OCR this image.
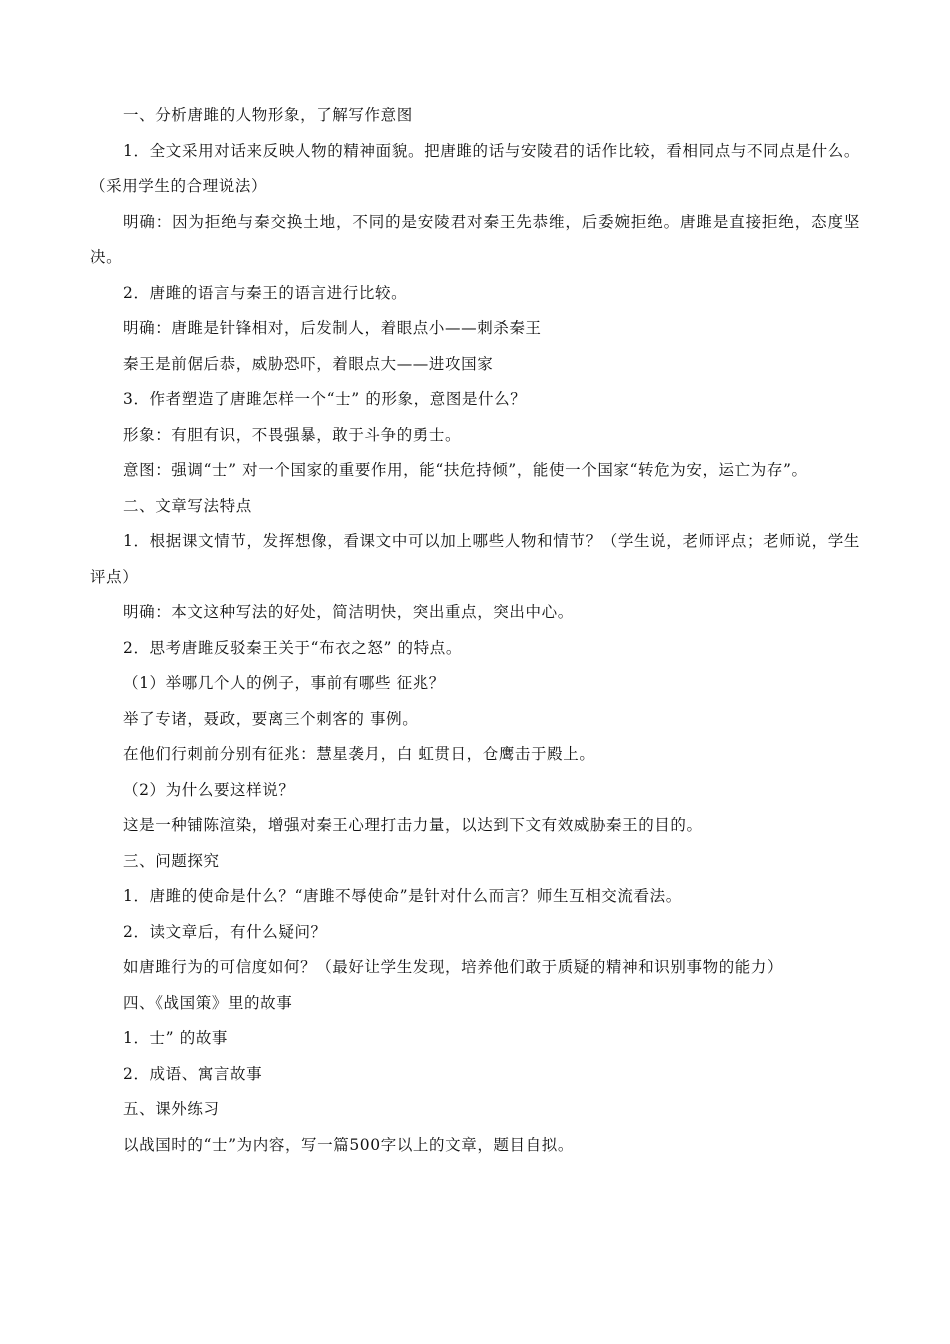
一、分析唐雎的人物形象，了解写作意图

1．全文采用对话来反映人物的精神面貌。把唐雎的话与安陵君的话作比较，看相同点与不同点是什么。（采用学生的合理说法）

明确：因为拒绝与秦交换土地，不同的是安陵君对秦王先恭维，后委婉拒绝。唐雎是直接拒绝，态度坚决。

2．唐雎的语言与秦王的语言进行比较。

明确：唐雎是针锋相对，后发制人，着眼点小——刺杀秦王

秦王是前倨后恭，威胁恐吓，着眼点大——进攻国家

3．作者塑造了唐雎怎样一个“士” 的形象，意图是什么？

形象：有胆有识，不畏强暴，敢于斗争的勇士。

意图：强调“士” 对一个国家的重要作用，能“扶危持倾”，能使一个国家“转危为安，运亡为存”。

二、文章写法特点

1．根据课文情节，发挥想像，看课文中可以加上哪些人物和情节？（学生说，老师评点；老师说，学生评点）

明确：本文这种写法的好处，简洁明快，突出重点，突出中心。

2．思考唐雎反驳秦王关于“布衣之怒” 的特点。

（1）举哪几个人的例子，事前有哪些 征兆？

举了专诸，聂政，要离三个刺客的 事例。

在他们行刺前分别有征兆：慧星袭月，白 虹贯日，仓鹰击于殿上。

（2）为什么要这样说？

这是一种铺陈渲染，增强对秦王心理打击力量，以达到下文有效威胁秦王的目的。

三、问题探究

1．唐雎的使命是什么？“唐雎不辱使命”是针对什么而言？师生互相交流看法。

2．读文章后，有什么疑问？

如唐雎行为的可信度如何？（最好让学生发现，培养他们敢于质疑的精神和识别事物的能力）

四、《战国策》里的故事

1．士” 的故事

2．成语、寓言故事

五、课外练习

以战国时的“士”为内容，写一篇500字以上的文章，题目自拟。
